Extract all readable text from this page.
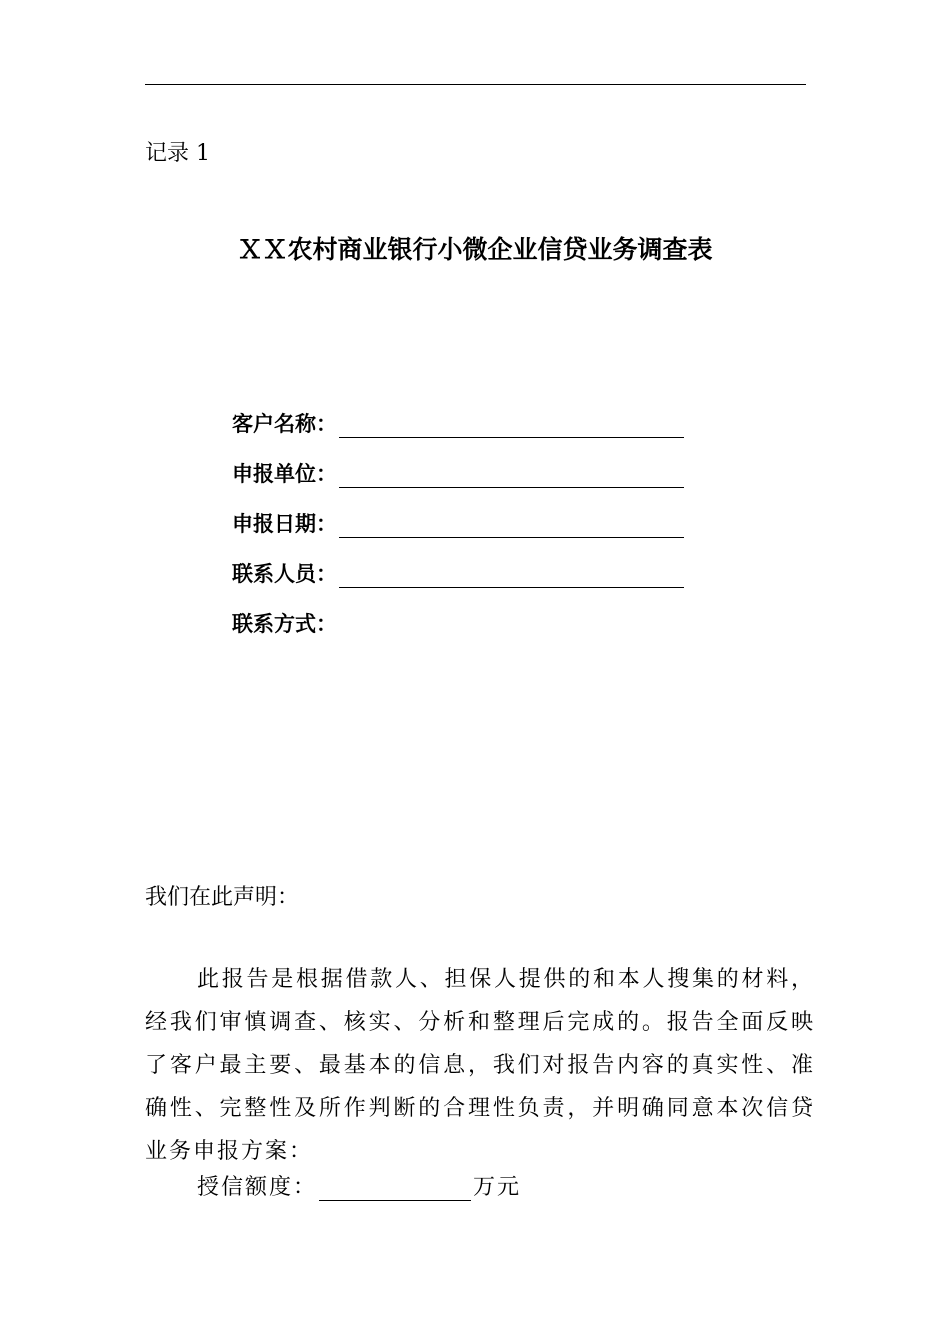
记录 1
ＸＸ农村商业银行小微企业信贷业务调查表
客户名称：
申报单位：
申报日期：
联系人员：
联系方式：
我们在此声明：

此报告是根据借款人、担保人提供的和本人搜集的材料，经我们审慎调查、核实、分析和整理后完成的。报告全面反映了客户最主要、最基本的信息，我们对报告内容的真实性、准确性、完整性及所作判断的合理性负责，并明确同意本次信贷业务申报方案：

授信额度：	万元
